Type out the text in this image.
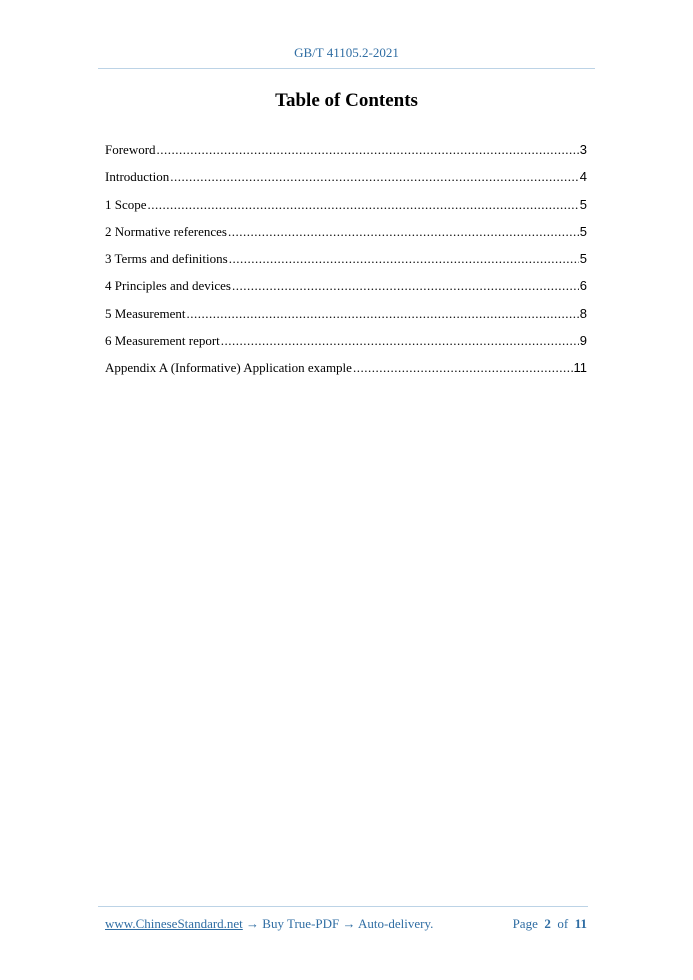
GB/T 41105.2-2021
Table of Contents
Foreword .....	3
Introduction .....	4
1 Scope .....	5
2 Normative references .....	5
3 Terms and definitions .....	5
4 Principles and devices .....	6
5 Measurement .....	8
6 Measurement report .....	9
Appendix A (Informative) Application example .....	11
www.ChineseStandard.net → Buy True-PDF → Auto-delivery.	Page 2 of 11
